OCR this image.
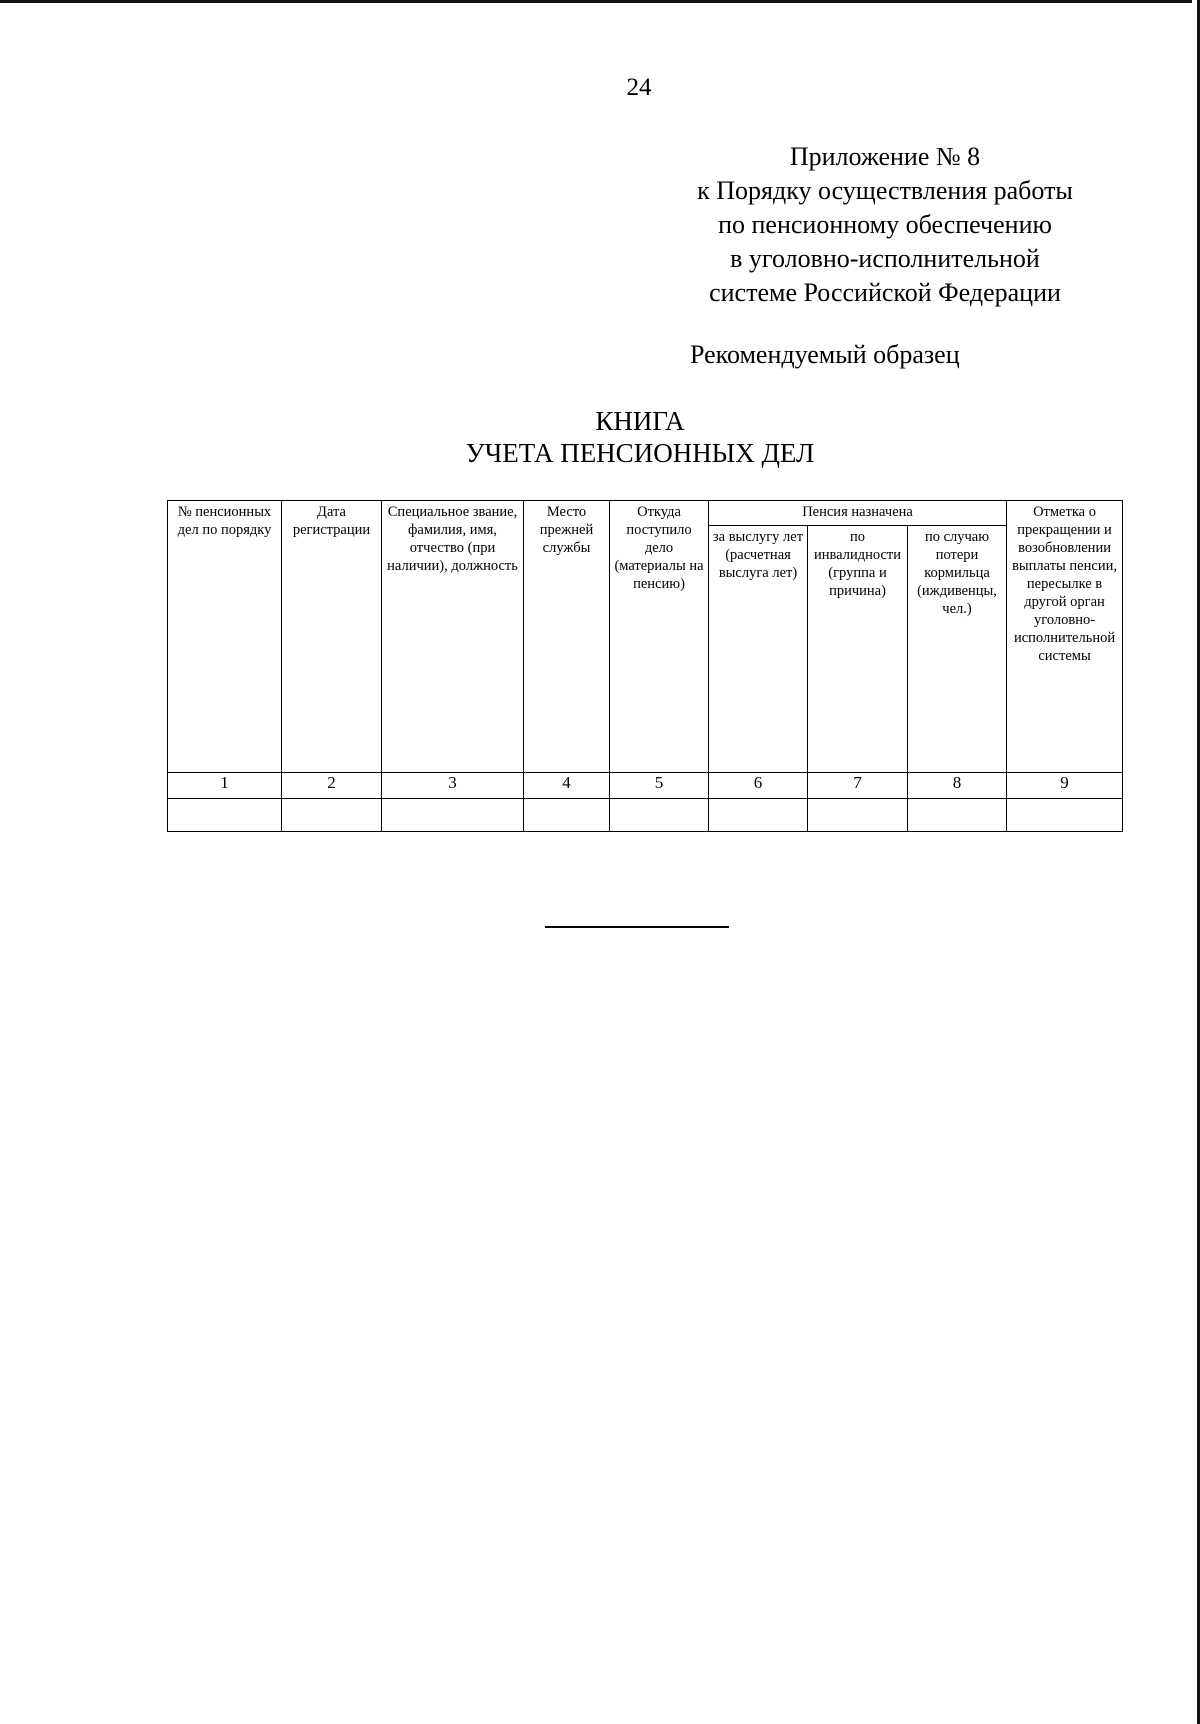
24
Приложение № 8
к Порядку осуществления работы
по пенсионному обеспечению
в уголовно-исполнительной
системе Российской Федерации
Рекомендуемый образец
КНИГА
УЧЕТА ПЕНСИОННЫХ ДЕЛ
№ пенсионных дел по порядку	Дата регистрации	Специальное звание, фамилия, имя, отчество (при наличии), должность	Место прежней службы	Откуда поступило дело (материалы на пенсию)	Пенсия назначена			Отметка о прекращении и возобновлении выплаты пенсии, пересылке в другой орган уголовно-исполнительной системы
					за выслугу лет (расчетная выслуга лет)	по инвалидности (группа и причина)	по случаю потери кормильца (иждивенцы, чел.)	
1	2	3	4	5	6	7	8	9
